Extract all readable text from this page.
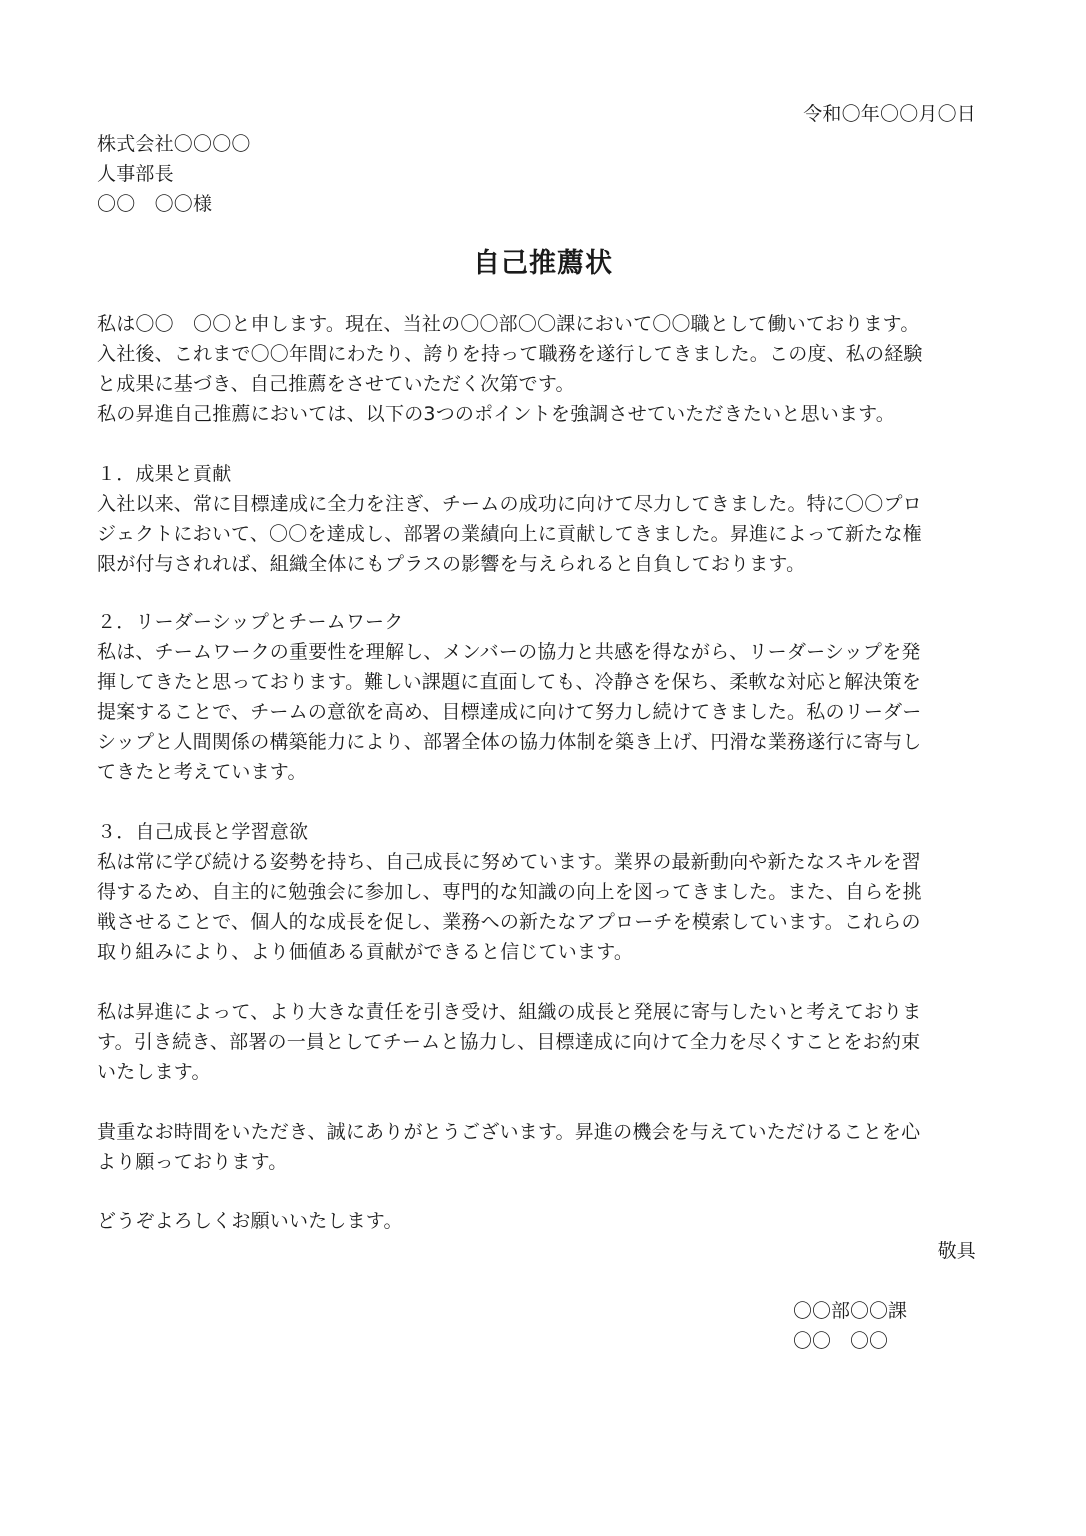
令和〇年〇〇月〇日
株式会社〇〇〇〇
人事部長
〇〇　〇〇様
自己推薦状
私は〇〇　〇〇と申します。現在、当社の〇〇部〇〇課において〇〇職として働いております。
入社後、これまで〇〇年間にわたり、誇りを持って職務を遂行してきました。この度、私の経験
と成果に基づき、自己推薦をさせていただく次第です。
私の昇進自己推薦においては、以下の3つのポイントを強調させていただきたいと思います。
１．成果と貢献
入社以来、常に目標達成に全力を注ぎ、チームの成功に向けて尽力してきました。特に〇〇プロ
ジェクトにおいて、〇〇を達成し、部署の業績向上に貢献してきました。昇進によって新たな権
限が付与されれば、組織全体にもプラスの影響を与えられると自負しております。
２．リーダーシップとチームワーク
私は、チームワークの重要性を理解し、メンバーの協力と共感を得ながら、リーダーシップを発
揮してきたと思っております。難しい課題に直面しても、冷静さを保ち、柔軟な対応と解決策を
提案することで、チームの意欲を高め、目標達成に向けて努力し続けてきました。私のリーダー
シップと人間関係の構築能力により、部署全体の協力体制を築き上げ、円滑な業務遂行に寄与し
てきたと考えています。
３．自己成長と学習意欲
私は常に学び続ける姿勢を持ち、自己成長に努めています。業界の最新動向や新たなスキルを習
得するため、自主的に勉強会に参加し、専門的な知識の向上を図ってきました。また、自らを挑
戦させることで、個人的な成長を促し、業務への新たなアプローチを模索しています。これらの
取り組みにより、より価値ある貢献ができると信じています。
私は昇進によって、より大きな責任を引き受け、組織の成長と発展に寄与したいと考えておりま
す。引き続き、部署の一員としてチームと協力し、目標達成に向けて全力を尽くすことをお約束
いたします。
貴重なお時間をいただき、誠にありがとうございます。昇進の機会を与えていただけることを心
より願っております。
どうぞよろしくお願いいたします。
敬具
〇〇部〇〇課
〇〇　〇〇
